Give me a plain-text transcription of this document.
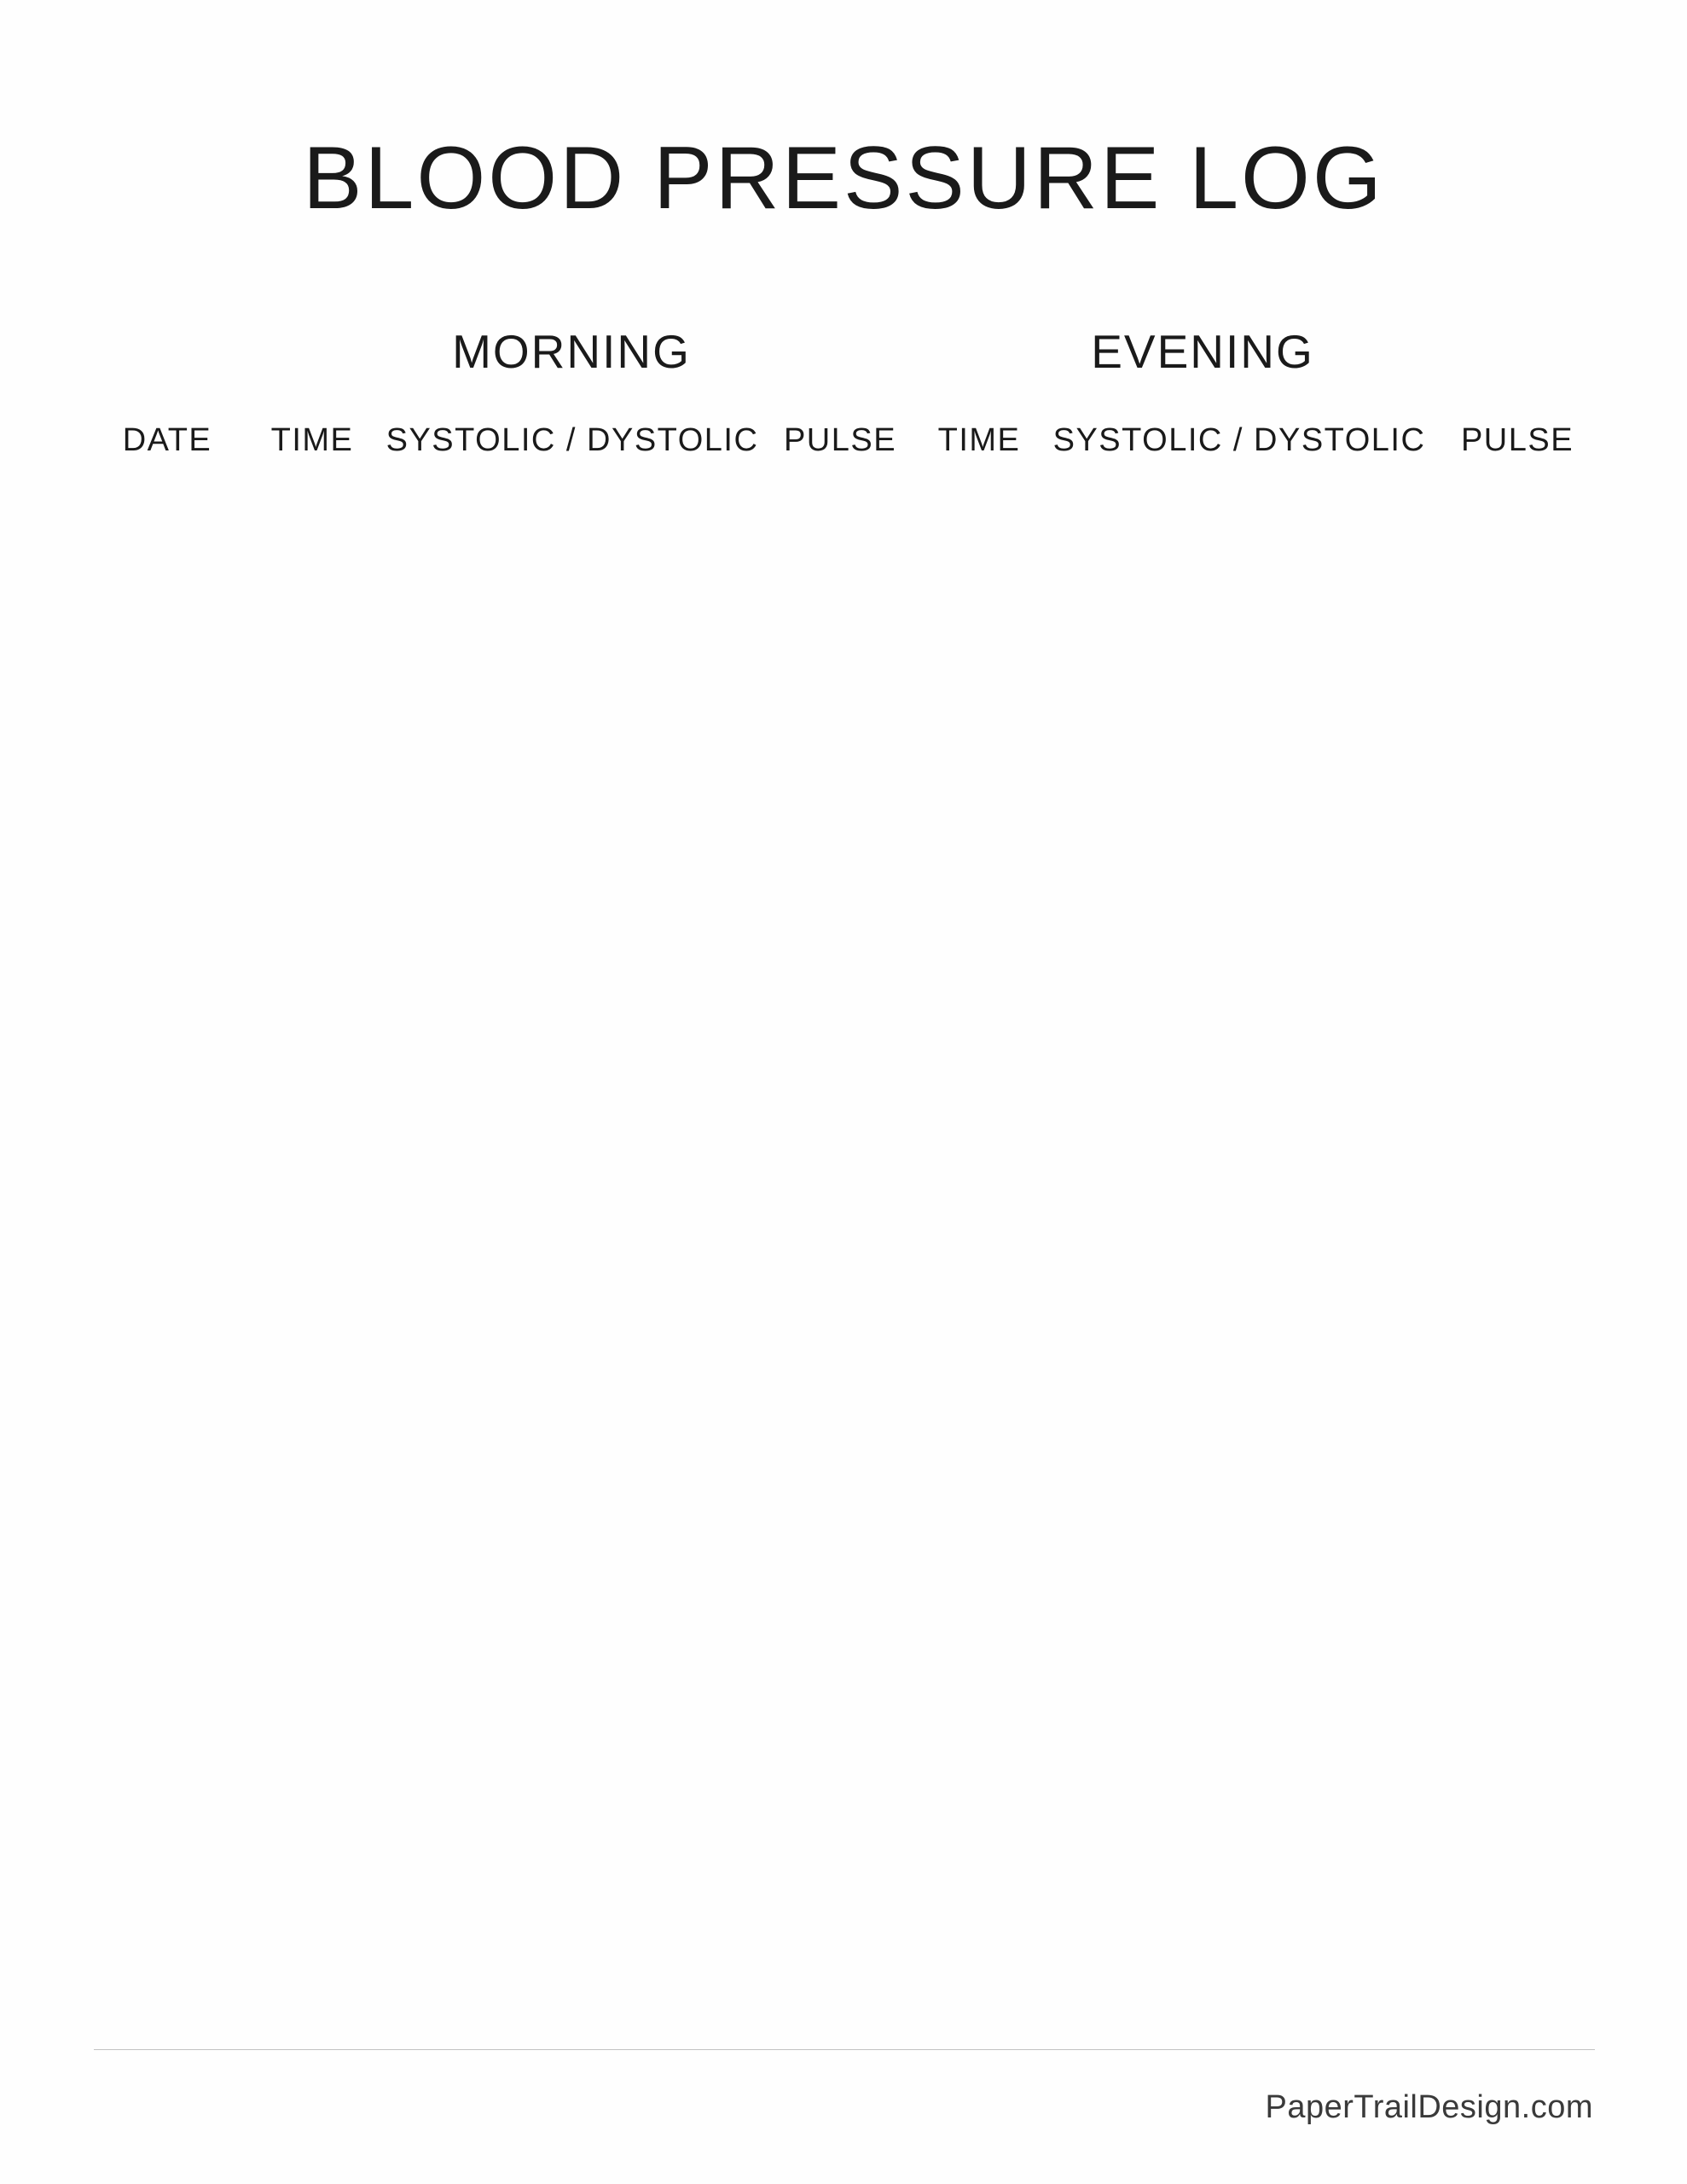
BLOOD PRESSURE LOG
MORNING	EVENING
DATE		TIME	SYSTOLIC / DYSTOLIC	PULSE		TIME	SYSTOLIC / DYSTOLIC	PULSE

PaperTrailDesign.com
